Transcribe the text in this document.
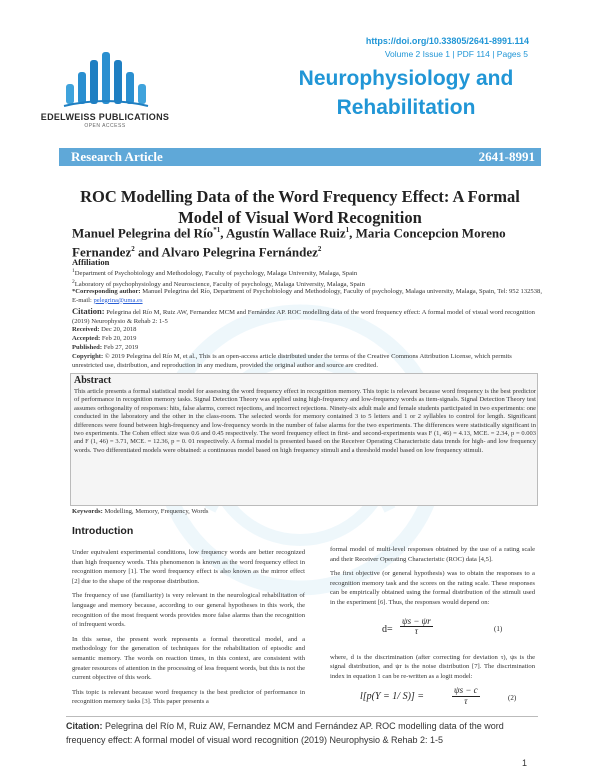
EDELWEISS PUBLICATIONS
OPEN ACCESS
https://doi.org/10.33805/2641-8991.114
Volume 2 Issue 1 | PDF 114 | Pages 5
Neurophysiology and Rehabilitation
Research Article	2641-8991
ROC Modelling Data of the Word Frequency Effect: A Formal Model of Visual Word Recognition
Manuel Pelegrina del Río$^{*1}$, Agustín Wallace Ruiz$^1$, Maria Concepcion Moreno Fernandez$^2$ and Alvaro Pelegrina Fernández$^2$
Affiliation
$^1$Department of Psychobiology and Methodology, Faculty of psychology, Malaga University, Malaga, Spain
$^2$Laboratory of psychophysiology and Neuroscience, Faculty of psychology, Malaga University, Malaga, Spain
*Corresponding author: Manuel Pelegrina del Río, Department of Psychobiology and Methodology, Faculty of psychology, Malaga university, Malaga, Spain, Tel: 952 132538, E-mail: pelegrina@uma.es
Citation: Pelegrina del Río M, Ruiz AW, Fernandez MCM and Fernández AP. ROC modelling data of the word frequency effect: A formal model of visual word recognition (2019) Neurophysio & Rehab 2: 1-5
Received: Dec 20, 2018
Accepted: Feb 20, 2019
Published: Feb 27, 2019
Copyright: © 2019 Pelegrina del Río M, et al., This is an open-access article distributed under the terms of the Creative Commons Attribution License, which permits unrestricted use, distribution, and reproduction in any medium, provided the original author and source are credited.
Abstract
This article presents a formal statistical model for assessing the word frequency effect in recognition memory. This topic is relevant because word frequency is the best predictor of performance in recognition memory tasks. Signal Detection Theory was applied using high-frequency and low-frequency words as item-signals. Signal Detection Theory test assumes orthogonality of responses: hits, false alarms, correct rejections, and incorrect rejections. Ninety-six adult male and female students participated in two experiments: one conducted in the laboratory and the other in the class-room. The selected words for memory contained 3 to 5 letters and 1 or 2 syllables to control for length. Significant differences were found between high-frequency and low-frequency words in the number of false alarms for the two experiments. The differences were statistically significant in two experiments. The Cohen effect size was 0.6 and 0.45 respectively. The word frequency effect in first- and second-experiments was F (1, 46) = 4.13, MCE. = 2.34, p = 0.003 and F (1, 46) = 3.71, MCE. = 12.36, p = 0. 01 respectively. A formal model is presented based on the Receiver Operating Characteristic data trends for high- and low frequency words. Two differentiated models were obtained: a continuous model based on high frequency stimuli and a threshold model based on low frequency stimuli.
Keywords: Modelling, Memory, Frequency, Words
Introduction

Under equivalent experimental conditions, low frequency words are better recognized than high frequency words. This phenomenon is known as the word frequency effect in recognition memory [1]. The word frequency effect is also known as the mirror effect [2] due to the shape of the response distribution.

The frequency of use (familiarity) is very relevant in the neurological rehabilitation of language and memory because, according to our general hypotheses in this work, the recognition of the most frequent words provides more false alarms than the recognition of infrequent words.

In this sense, the present work represents a formal theoretical model, and a methodology for the generation of techniques for the rehabilitation of episodic and semantic memory. The words on reaction times, in this context, are consistent with greater resources of attention in the processing of less frequent words, but this is not the current objective of this work.

This topic is relevant because word frequency is the best predictor of performance in recognition memory tasks [3]. This paper presents a

formal model of multi-level responses obtained by the use of a rating scale and their Receiver Operating Characteristic (ROC) data [4,5].

The first objective (or general hypothesis) was to obtain the responses to a recognition memory task and the scores on the rating scale. These responses can be empirically obtained using the formal distribution of the stimuli used in the experiment [6]. Thus, the responses would depend on:

$d= \frac{\psi s - \psi r}{\tau}$	(1)

where, d is the discrimination (after correcting for deviation τ), ψs is the signal distribution, and ψr is the noise distribution [7]. The discrimination index in equation 1 can be re-written as a logit model:

l[p(Y = 1/ S)] =	$\frac{\psi s - c}{\tau}$	(2)
Citation: Pelegrina del Río M, Ruiz AW, Fernandez MCM and Fernández AP. ROC modelling data of the word frequency effect: A formal model of visual word recognition (2019) Neurophysio & Rehab 2: 1-5
1
